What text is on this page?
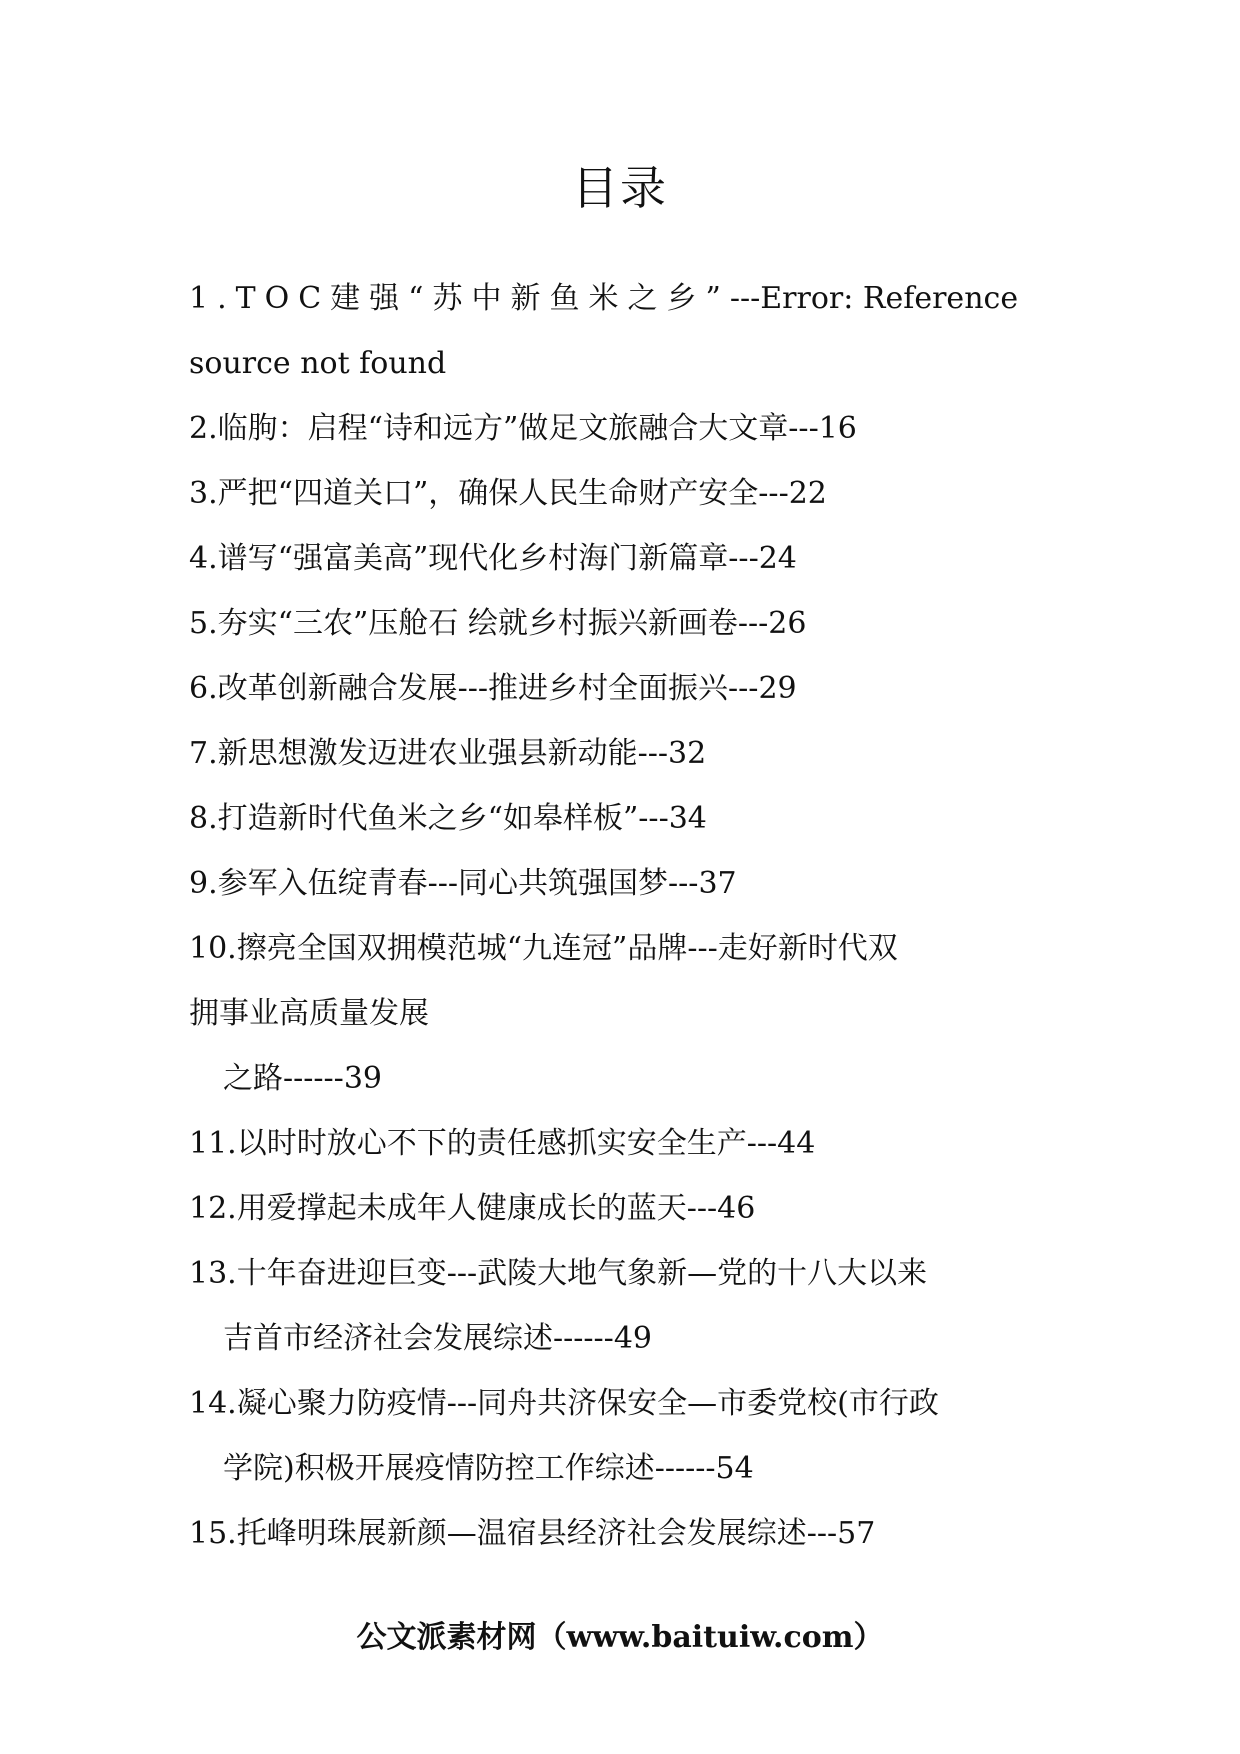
目录
1.TOC建强“苏中新鱼米之乡”---Error: Reference
source not found
2.临朐：启程“诗和远方”做足文旅融合大文章---16
3.严把“四道关口”，确保人民生命财产安全---22
4.谱写“强富美高”现代化乡村海门新篇章---24
5.夯实“三农”压舱石 绘就乡村振兴新画卷---26
6.改革创新融合发展---推进乡村全面振兴---29
7.新思想激发迈进农业强县新动能---32
8.打造新时代鱼米之乡“如皋样板”---34
9.参军入伍绽青春---同心共筑强国梦---37
10.擦亮全国双拥模范城“九连冠”品牌---走好新时代双
拥事业高质量发展
之路------39
11.以时时放心不下的责任感抓实安全生产---44
12.用爱撑起未成年人健康成长的蓝天---46
13.十年奋进迎巨变---武陵大地气象新—党的十八大以来
吉首市经济社会发展综述------49
14.凝心聚力防疫情---同舟共济保安全—市委党校(市行政
学院)积极开展疫情防控工作综述------54
15.托峰明珠展新颜—温宿县经济社会发展综述---57
公文派素材网（www.baituiw.com）
